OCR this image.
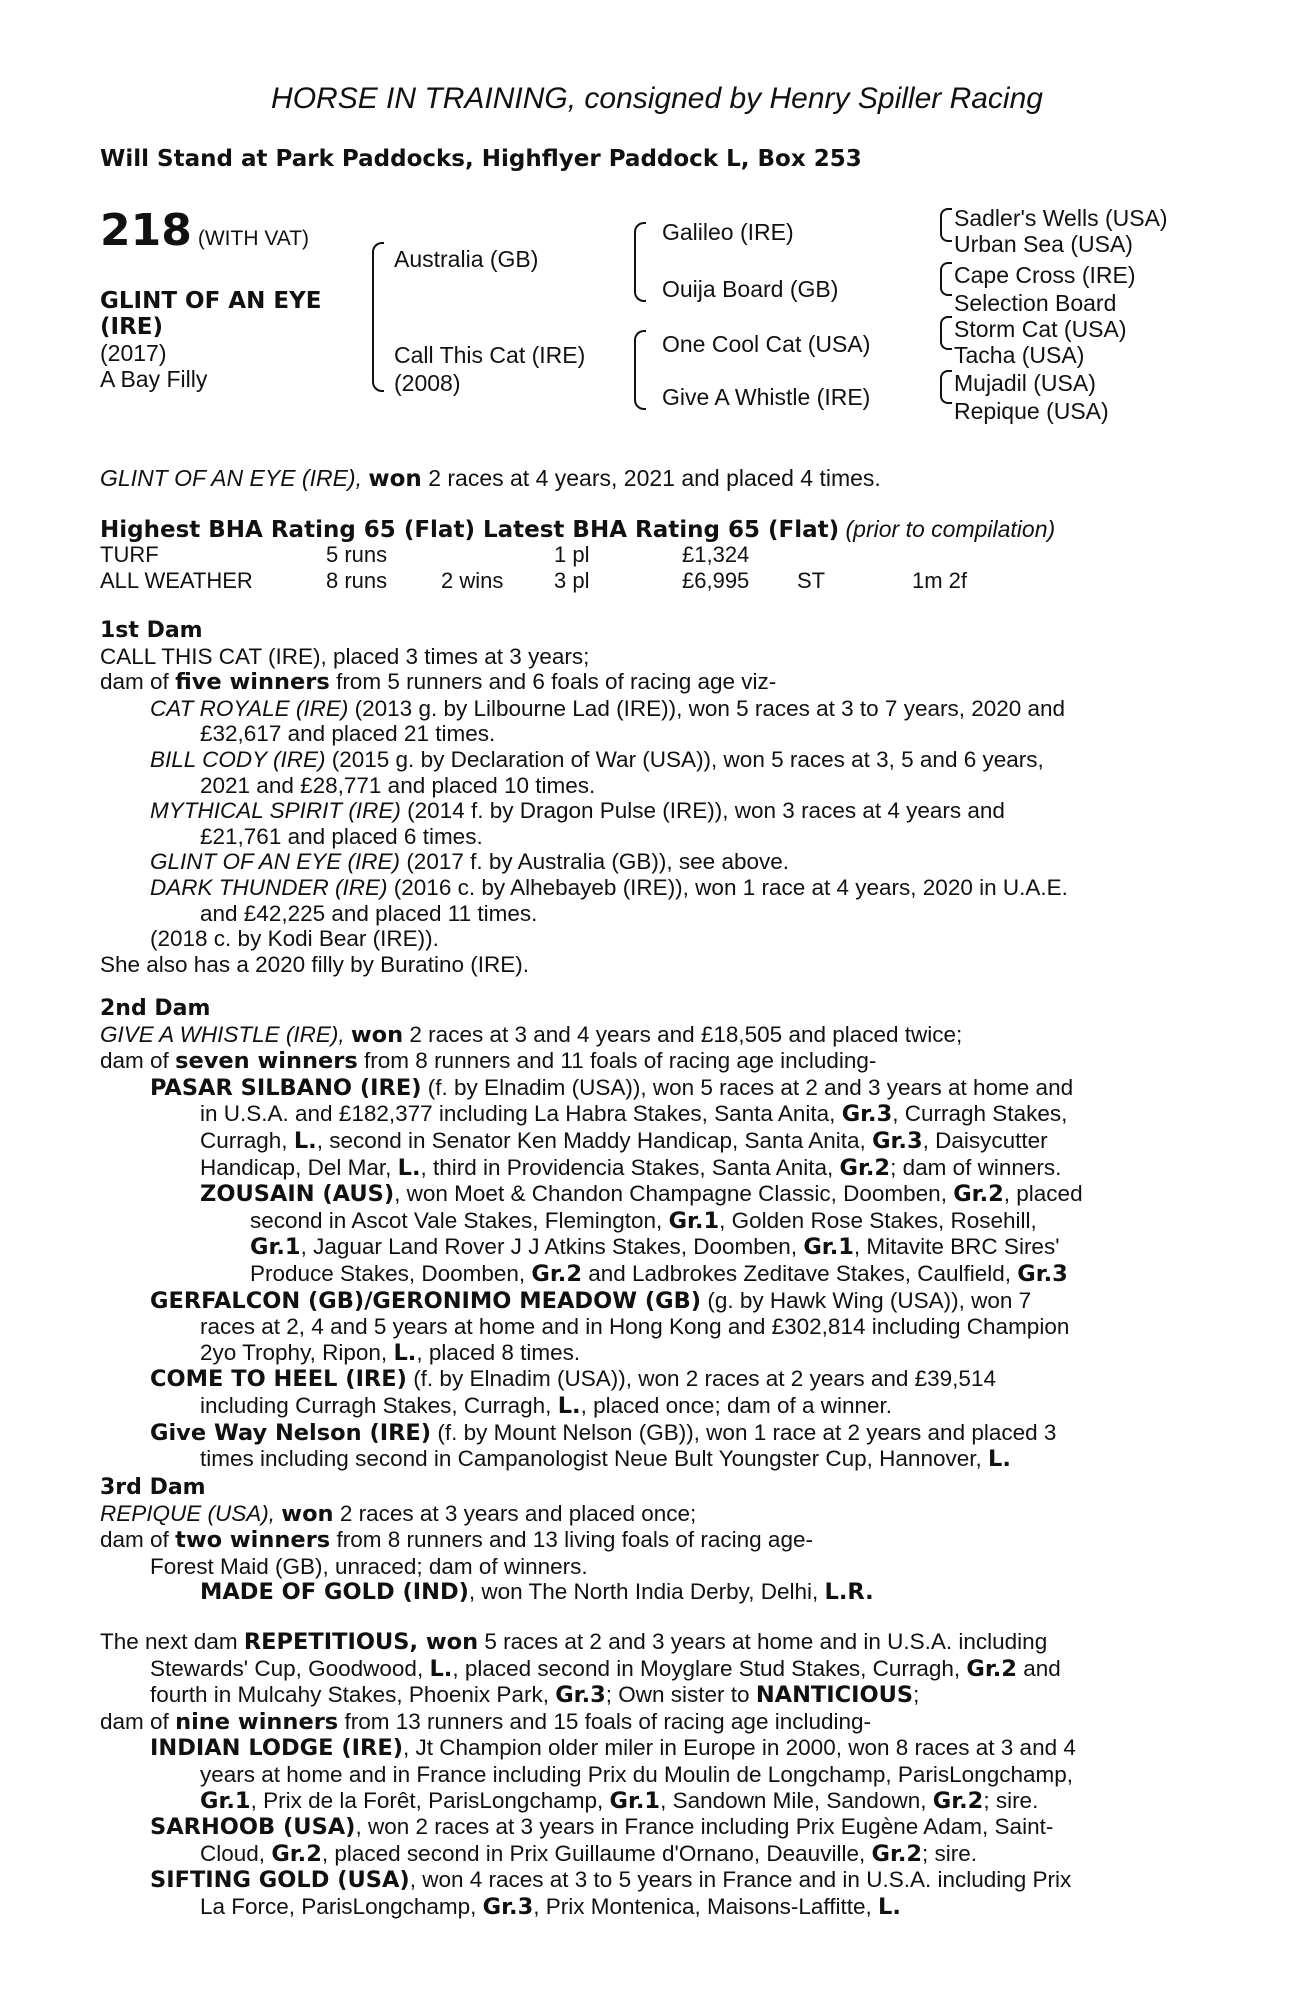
HORSE IN TRAINING, consigned by Henry Spiller Racing
Will Stand at Park Paddocks, Highflyer Paddock L, Box 253
218 (WITH VAT)
GLINT OF AN EYE
(IRE)
(2017)
A Bay Filly
Australia (GB)
Call This Cat (IRE)
(2008)
Galileo (IRE)
Ouija Board (GB)
One Cool Cat (USA)
Give A Whistle (IRE)
Sadler's Wells (USA)
Urban Sea (USA)
Cape Cross (IRE)
Selection Board
Storm Cat (USA)
Tacha (USA)
Mujadil (USA)
Repique (USA)
GLINT OF AN EYE (IRE), won 2 races at 4 years, 2021 and placed 4 times.
Highest BHA Rating 65 (Flat) Latest BHA Rating 65 (Flat) (prior to compilation)
TURF	5 runs		1 pl	£1,324		
ALL WEATHER	8 runs	2 wins	3 pl	£6,995	ST	1m 2f
1st Dam
CALL THIS CAT (IRE), placed 3 times at 3 years;
dam of five winners from 5 runners and 6 foals of racing age viz-
CAT ROYALE (IRE) (2013 g. by Lilbourne Lad (IRE)), won 5 races at 3 to 7 years, 2020 and
£32,617 and placed 21 times.
BILL CODY (IRE) (2015 g. by Declaration of War (USA)), won 5 races at 3, 5 and 6 years,
2021 and £28,771 and placed 10 times.
MYTHICAL SPIRIT (IRE) (2014 f. by Dragon Pulse (IRE)), won 3 races at 4 years and
£21,761 and placed 6 times.
GLINT OF AN EYE (IRE) (2017 f. by Australia (GB)), see above.
DARK THUNDER (IRE) (2016 c. by Alhebayeb (IRE)), won 1 race at 4 years, 2020 in U.A.E.
and £42,225 and placed 11 times.
(2018 c. by Kodi Bear (IRE)).
She also has a 2020 filly by Buratino (IRE).
2nd Dam
GIVE A WHISTLE (IRE), won 2 races at 3 and 4 years and £18,505 and placed twice;
dam of seven winners from 8 runners and 11 foals of racing age including-
PASAR SILBANO (IRE) (f. by Elnadim (USA)), won 5 races at 2 and 3 years at home and
in U.S.A. and £182,377 including La Habra Stakes, Santa Anita, Gr.3, Curragh Stakes,
Curragh, L., second in Senator Ken Maddy Handicap, Santa Anita, Gr.3, Daisycutter
Handicap, Del Mar, L., third in Providencia Stakes, Santa Anita, Gr.2; dam of winners.
ZOUSAIN (AUS), won Moet & Chandon Champagne Classic, Doomben, Gr.2, placed
second in Ascot Vale Stakes, Flemington, Gr.1, Golden Rose Stakes, Rosehill,
Gr.1, Jaguar Land Rover J J Atkins Stakes, Doomben, Gr.1, Mitavite BRC Sires'
Produce Stakes, Doomben, Gr.2 and Ladbrokes Zeditave Stakes, Caulfield, Gr.3
GERFALCON (GB)/GERONIMO MEADOW (GB) (g. by Hawk Wing (USA)), won 7
races at 2, 4 and 5 years at home and in Hong Kong and £302,814 including Champion
2yo Trophy, Ripon, L., placed 8 times.
COME TO HEEL (IRE) (f. by Elnadim (USA)), won 2 races at 2 years and £39,514
including Curragh Stakes, Curragh, L., placed once; dam of a winner.
Give Way Nelson (IRE) (f. by Mount Nelson (GB)), won 1 race at 2 years and placed 3
times including second in Campanologist Neue Bult Youngster Cup, Hannover, L.
3rd Dam
REPIQUE (USA), won 2 races at 3 years and placed once;
dam of two winners from 8 runners and 13 living foals of racing age-
Forest Maid (GB), unraced; dam of winners.
MADE OF GOLD (IND), won The North India Derby, Delhi, L.R.
The next dam REPETITIOUS, won 5 races at 2 and 3 years at home and in U.S.A. including
Stewards' Cup, Goodwood, L., placed second in Moyglare Stud Stakes, Curragh, Gr.2 and
fourth in Mulcahy Stakes, Phoenix Park, Gr.3; Own sister to NANTICIOUS;
dam of nine winners from 13 runners and 15 foals of racing age including-
INDIAN LODGE (IRE), Jt Champion older miler in Europe in 2000, won 8 races at 3 and 4
years at home and in France including Prix du Moulin de Longchamp, ParisLongchamp,
Gr.1, Prix de la Forêt, ParisLongchamp, Gr.1, Sandown Mile, Sandown, Gr.2; sire.
SARHOOB (USA), won 2 races at 3 years in France including Prix Eugène Adam, Saint-
Cloud, Gr.2, placed second in Prix Guillaume d'Ornano, Deauville, Gr.2; sire.
SIFTING GOLD (USA), won 4 races at 3 to 5 years in France and in U.S.A. including Prix
La Force, ParisLongchamp, Gr.3, Prix Montenica, Maisons-Laffitte, L.
